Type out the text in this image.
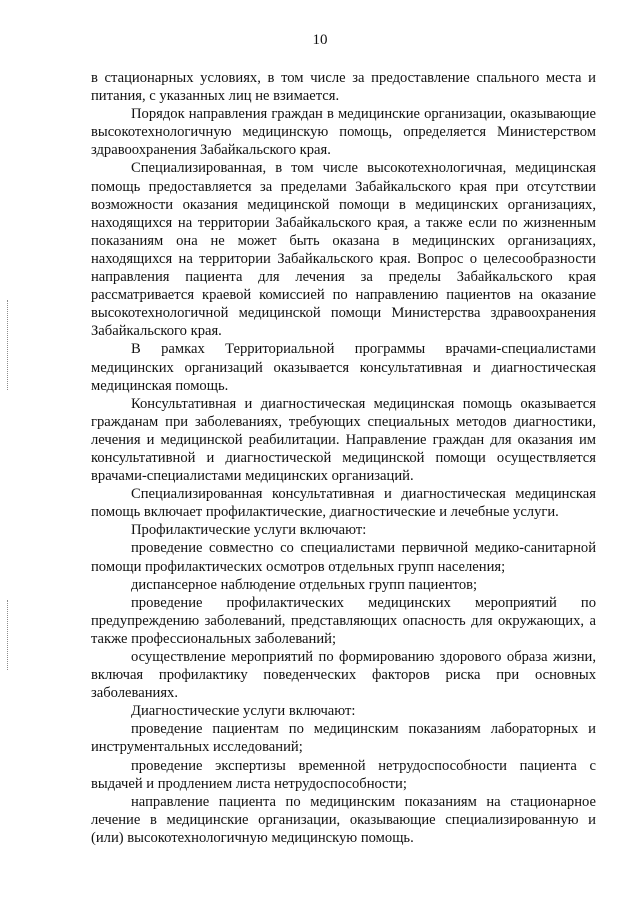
10

в стационарных условиях, в том числе за предоставление спального места и питания, с указанных лиц не взимается.

Порядок направления граждан в медицинские организации, оказывающие высокотехнологичную медицинскую помощь, определяется Министерством здравоохранения Забайкальского края.

Специализированная, в том числе высокотехнологичная, медицинская помощь предоставляется за пределами Забайкальского края при отсутствии возможности оказания медицинской помощи в медицинских организациях, находящихся на территории Забайкальского края, а также если по жизненным показаниям она не может быть оказана в медицинских организациях, находящихся на территории Забайкальского края. Вопрос о целесообразности направления пациента для лечения за пределы Забайкальского края рассматривается краевой комиссией по направлению пациентов на оказание высокотехнологичной медицинской помощи Министерства здравоохранения Забайкальского края.

В рамках Территориальной программы врачами-специалистами медицинских организаций оказывается консультативная и диагностическая медицинская помощь.

Консультативная и диагностическая медицинская помощь оказывается гражданам при заболеваниях, требующих специальных методов диагностики, лечения и медицинской реабилитации. Направление граждан для оказания им консультативной и диагностической медицинской помощи осуществляется врачами-специалистами медицинских организаций.

Специализированная консультативная и диагностическая медицинская помощь включает профилактические, диагностические и лечебные услуги.

Профилактические услуги включают:

проведение совместно со специалистами первичной медико-санитарной помощи профилактических осмотров отдельных групп населения;

диспансерное наблюдение отдельных групп пациентов;

проведение профилактических медицинских мероприятий по предупреждению заболеваний, представляющих опасность для окружающих, а также профессиональных заболеваний;

осуществление мероприятий по формированию здорового образа жизни, включая профилактику поведенческих факторов риска при основных заболеваниях.

Диагностические услуги включают:

проведение пациентам по медицинским показаниям лабораторных и инструментальных исследований;

проведение экспертизы временной нетрудоспособности пациента с выдачей и продлением листа нетрудоспособности;

направление пациента по медицинским показаниям на стационарное лечение в медицинские организации, оказывающие специализированную и (или) высокотехнологичную медицинскую помощь.
